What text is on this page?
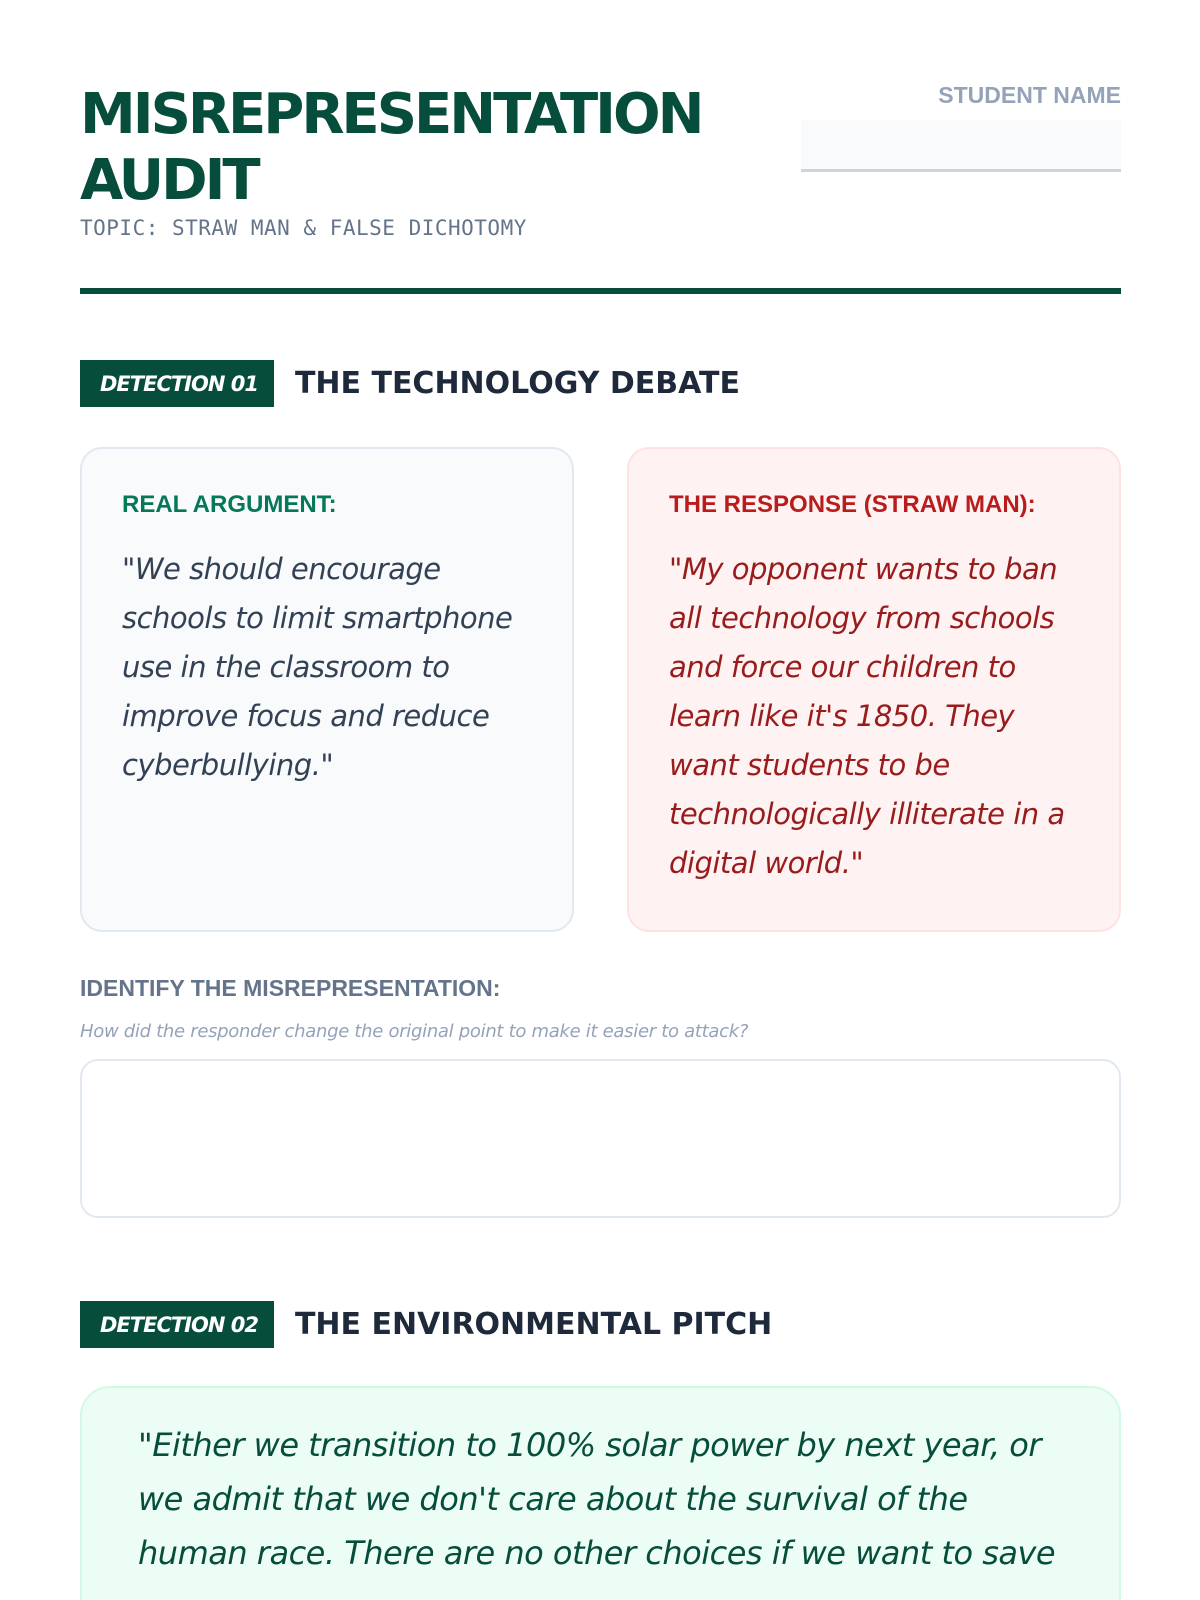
MISREPRESENTATION AUDIT
TOPIC: STRAW MAN & FALSE DICHOTOMY
STUDENT NAME
DETECTION 01	THE TECHNOLOGY DEBATE
REAL ARGUMENT:

"We should encourage schools to limit smartphone use in the classroom to improve focus and reduce cyberbullying."

THE RESPONSE (STRAW MAN):

"My opponent wants to ban all technology from schools and force our children to learn like it's 1850. They want students to be technologically illiterate in a digital world."

IDENTIFY THE MISREPRESENTATION:
How did the responder change the original point to make it easier to attack?
DETECTION 02	THE ENVIRONMENTAL PITCH

"Either we transition to 100% solar power by next year, or we admit that we don't care about the survival of the human race. There are no other choices if we want to save
